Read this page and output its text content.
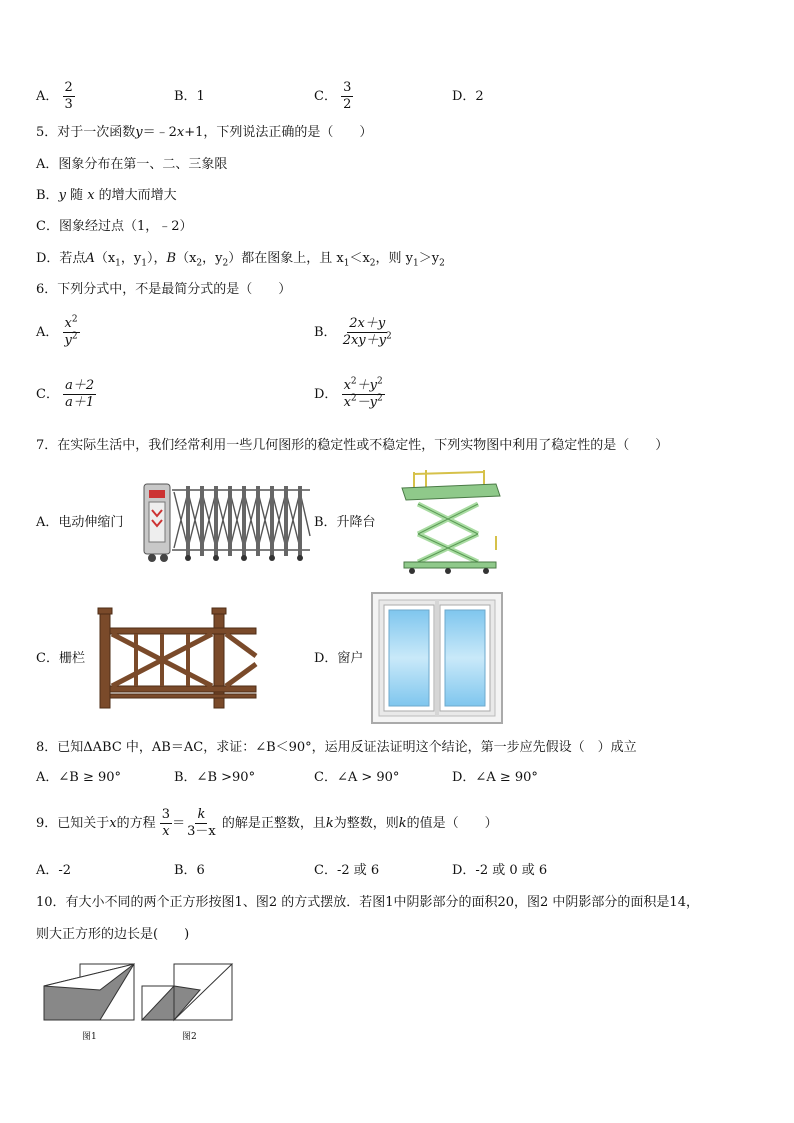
A． $\frac{2}{3}$	B．1	C． $\frac{3}{2}$	D．2
5．对于一次函数y＝﹣2x+1，下列说法正确的是（　　）
A．图象分布在第一、二、三象限
B．y 随 x 的增大而增大
C．图象经过点（1，﹣2）
D．若点$A(x_1$，$y_1$），$B(x_2$，$y_2$）都在图象上，且 $x_1<x_2$，则 $y_1>y_2$
6．下列分式中，不是最简分式的是（　　）
A． $\frac{x^2}{y^2}$	B． $\frac{2x+y}{2xy+y^2}$
C． $\frac{a+2}{a+1}$	D． $\frac{x^2+y^2}{x^2-y^2}$
7．在实际生活中，我们经常利用一些几何图形的稳定性或不稳定性，下列实物图中利用了稳定性的是（　　）
A．电动伸缩门	B．升降台
C．栅栏	D．窗户
8．已知ΔABC 中，AB＝AC，求证：∠B＜90°，运用反证法证明这个结论，第一步应先假设（　）成立
A．∠B ≥ 90°	B．∠B >90°	C．∠A > 90°	D．∠A ≥ 90°
9．已知关于x的方程 $\frac{3}{x} = \frac{k}{3-x}$ 的解是正整数，且k为整数，则k的值是（　　）
A．-2	B．6	C．-2 或 6	D．-2 或 0 或 6
10．有大小不同的两个正方形按图1、图2 的方式摆放．若图1中阴影部分的面积20，图2 中阴影部分的面积是14，
则大正方形的边长是(　　)
图1	图2
